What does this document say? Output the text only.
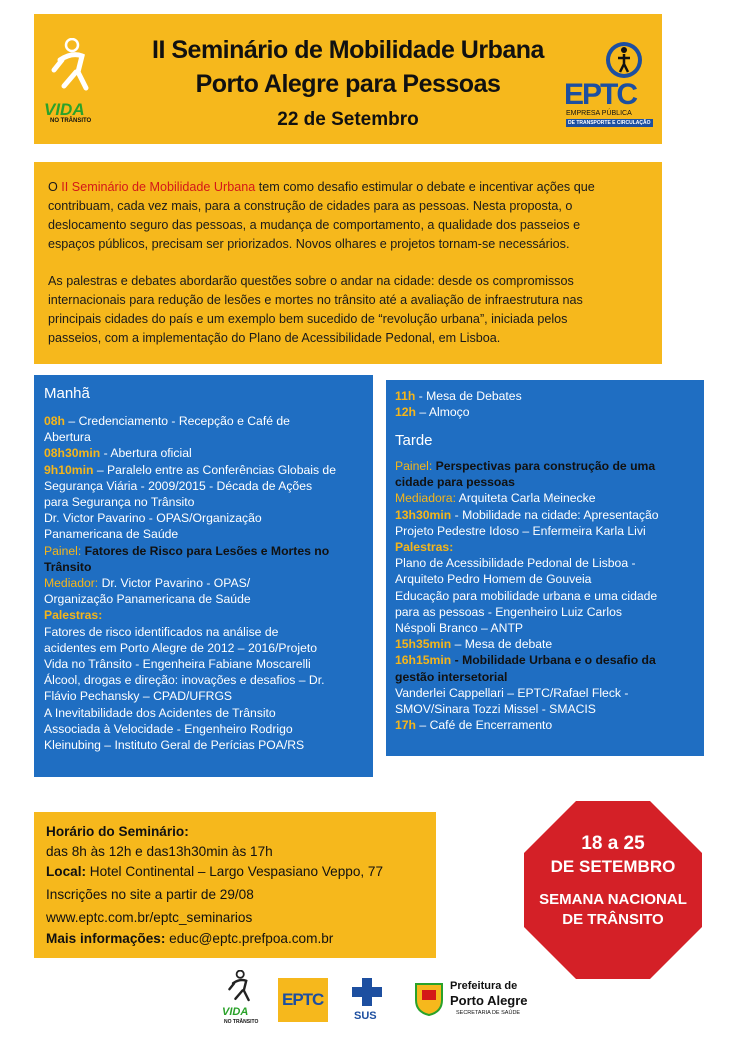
II Seminário de Mobilidade Urbana
Porto Alegre para Pessoas
22 de Setembro
VIDA
NO TRÂNSITO
EPTC
EMPRESA PÚBLICA
DE TRANSPORTE E CIRCULAÇÃO
O II Seminário de Mobilidade Urbana tem como desafio estimular o debate e incentivar ações que
contribuam, cada vez mais, para a construção de cidades para as pessoas. Nesta proposta, o
deslocamento seguro das pessoas, a mudança de comportamento, a qualidade dos passeios e
espaços públicos, precisam ser priorizados. Novos olhares e projetos tornam-se necessários.
As palestras e debates abordarão questões sobre o andar na cidade: desde os compromissos
internacionais para redução de lesões e mortes no trânsito até a avaliação de infraestrutura nas
principais cidades do país e um exemplo bem sucedido de “revolução urbana”, iniciada pelos
passeios, com a implementação do Plano de Acessibilidade Pedonal, em Lisboa.
Manhã
08h – Credenciamento - Recepção e Café de
Abertura
08h30min - Abertura oficial
9h10min – Paralelo entre as Conferências Globais de
Segurança Viária - 2009/2015 - Década de Ações
para Segurança no Trânsito
Dr. Victor Pavarino - OPAS/Organização
Panamericana de Saúde
Painel: Fatores de Risco para Lesões e Mortes no
Trânsito
Mediador: Dr. Victor Pavarino - OPAS/
Organização Panamericana de Saúde
Palestras:
Fatores de risco identificados na análise de
acidentes em Porto Alegre de 2012 – 2016/Projeto
Vida no Trânsito - Engenheira Fabiane Moscarelli
Álcool, drogas e direção: inovações e desafios – Dr.
Flávio Pechansky – CPAD/UFRGS
A Inevitabilidade dos Acidentes de Trânsito
Associada à Velocidade - Engenheiro Rodrigo
Kleinubing – Instituto Geral de Perícias POA/RS
11h - Mesa de Debates
12h – Almoço
Tarde
Painel: Perspectivas para construção de uma
cidade para pessoas
Mediadora: Arquiteta Carla Meinecke
13h30min - Mobilidade na cidade: Apresentação
Projeto Pedestre Idoso – Enfermeira Karla Livi
Palestras:
Plano de Acessibilidade Pedonal de Lisboa -
Arquiteto Pedro Homem de Gouveia
Educação para mobilidade urbana e uma cidade
para as pessoas - Engenheiro Luiz Carlos
Néspoli Branco – ANTP
15h35min – Mesa de debate
16h15min - Mobilidade Urbana e o desafio da
gestão intersetorial
Vanderlei Cappellari – EPTC/Rafael Fleck -
SMOV/Sinara Tozzi Missel - SMACIS
17h – Café de Encerramento
Horário do Seminário:
das 8h às 12h e das13h30min às 17h
Local: Hotel Continental – Largo Vespasiano Veppo, 77
Inscrições no site a partir de 29/08
www.eptc.com.br/eptc_seminarios
Mais informações: educ@eptc.prefpoa.com.br
18 a 25
DE SETEMBRO
SEMANA NACIONAL
DE TRÂNSITO
VIDA
NO TRÂNSITO
EPTC
SUS
Prefeitura de
Porto Alegre
SECRETARIA DE SAÚDE
